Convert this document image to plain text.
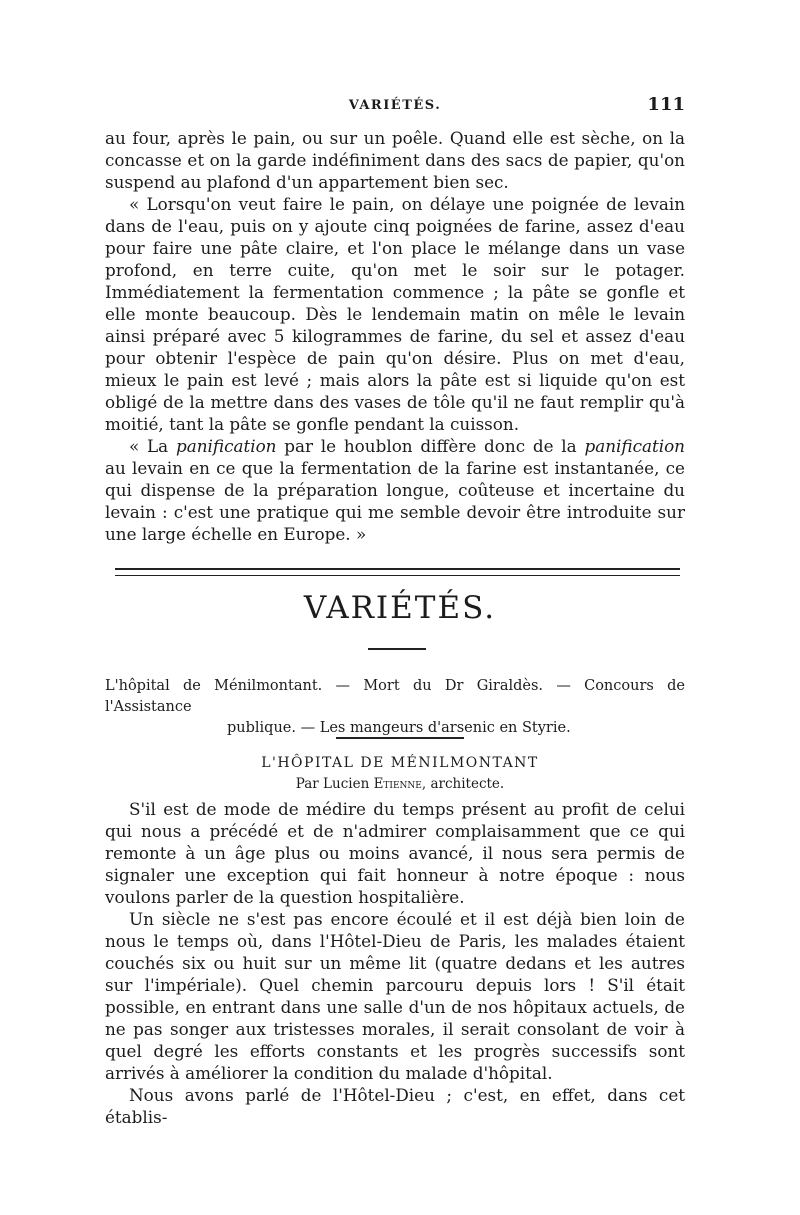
VARIÉTÉS.	111

au four, après le pain, ou sur un poêle. Quand elle est sèche, on la concasse et on la garde indéfiniment dans des sacs de papier, qu'on suspend au plafond d'un appartement bien sec.

« Lorsqu'on veut faire le pain, on délaye une poignée de levain dans de l'eau, puis on y ajoute cinq poignées de farine, assez d'eau pour faire une pâte claire, et l'on place le mélange dans un vase profond, en terre cuite, qu'on met le soir sur le potager. Immédiatement la fermentation commence ; la pâte se gonfle et elle monte beaucoup. Dès le lendemain matin on mêle le levain ainsi préparé avec 5 kilogrammes de farine, du sel et assez d'eau pour obtenir l'espèce de pain qu'on désire. Plus on met d'eau, mieux le pain est levé ; mais alors la pâte est si liquide qu'on est obligé de la mettre dans des vases de tôle qu'il ne faut remplir qu'à moitié, tant la pâte se gonfle pendant la cuisson.

« La panification par le houblon diffère donc de la panification au levain en ce que la fermentation de la farine est instantanée, ce qui dispense de la préparation longue, coûteuse et incertaine du levain : c'est une pratique qui me semble devoir être introduite sur une large échelle en Europe. »

VARIÉTÉS.
L'hôpital de Ménilmontant. — Mort du Dr Giraldès. — Concours de l'Assistance
publique. — Les mangeurs d'arsenic en Styrie.
L'HÔPITAL DE MÉNILMONTANT
Par Lucien Etienne, architecte.

S'il est de mode de médire du temps présent au profit de celui qui nous a précédé et de n'admirer complaisamment que ce qui remonte à un âge plus ou moins avancé, il nous sera permis de signaler une exception qui fait honneur à notre époque : nous voulons parler de la question hospitalière.

Un siècle ne s'est pas encore écoulé et il est déjà bien loin de nous le temps où, dans l'Hôtel-Dieu de Paris, les malades étaient couchés six ou huit sur un même lit (quatre dedans et les autres sur l'impériale). Quel chemin parcouru depuis lors ! S'il était possible, en entrant dans une salle d'un de nos hôpitaux actuels, de ne pas songer aux tristesses morales, il serait consolant de voir à quel degré les efforts constants et les progrès successifs sont arrivés à améliorer la condition du malade d'hôpital.

Nous avons parlé de l'Hôtel-Dieu ; c'est, en effet, dans cet établis-
